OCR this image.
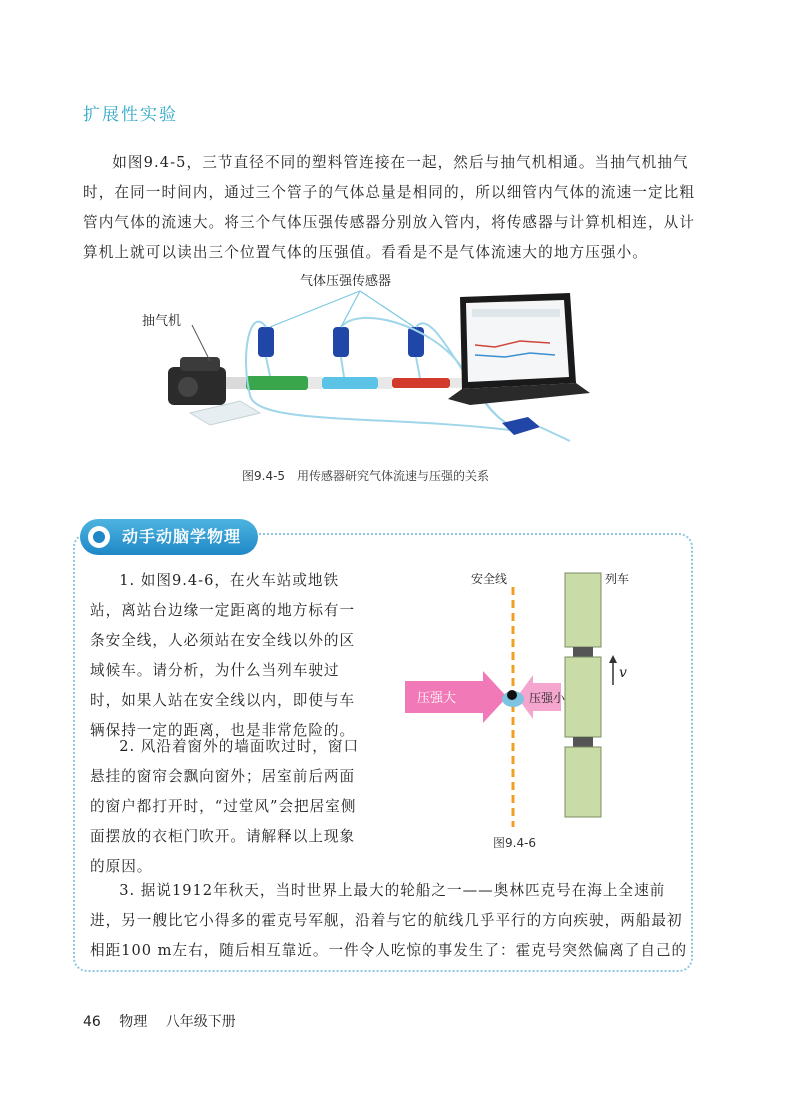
扩展性实验

如图9.4-5，三节直径不同的塑料管连接在一起，然后与抽气机相通。当抽气机抽气时，在同一时间内，通过三个管子的气体总量是相同的，所以细管内气体的流速一定比粗管内气体的流速大。将三个气体压强传感器分别放入管内，将传感器与计算机相连，从计算机上就可以读出三个位置气体的压强值。看看是不是气体流速大的地方压强小。

抽气机
气体压强传感器
图9.4-5　用传感器研究气体流速与压强的关系
动手动脑学物理

1. 如图9.4-6，在火车站或地铁站，离站台边缘一定距离的地方标有一条安全线，人必须站在安全线以外的区域候车。请分析，为什么当列车驶过时，如果人站在安全线以内，即使与车辆保持一定的距离，也是非常危险的。

2. 风沿着窗外的墙面吹过时，窗口悬挂的窗帘会飘向窗外；居室前后两面的窗户都打开时，“过堂风”会把居室侧面摆放的衣柜门吹开。请解释以上现象的原因。

3. 据说1912年秋天，当时世界上最大的轮船之一——奥林匹克号在海上全速前进，另一艘比它小得多的霍克号军舰，沿着与它的航线几乎平行的方向疾驶，两船最初相距100 m左右，随后相互靠近。一件令人吃惊的事发生了：霍克号突然偏离了自己的

v
压强大	压强小
安全线	列车
图9.4-6
46 物理 八年级下册
